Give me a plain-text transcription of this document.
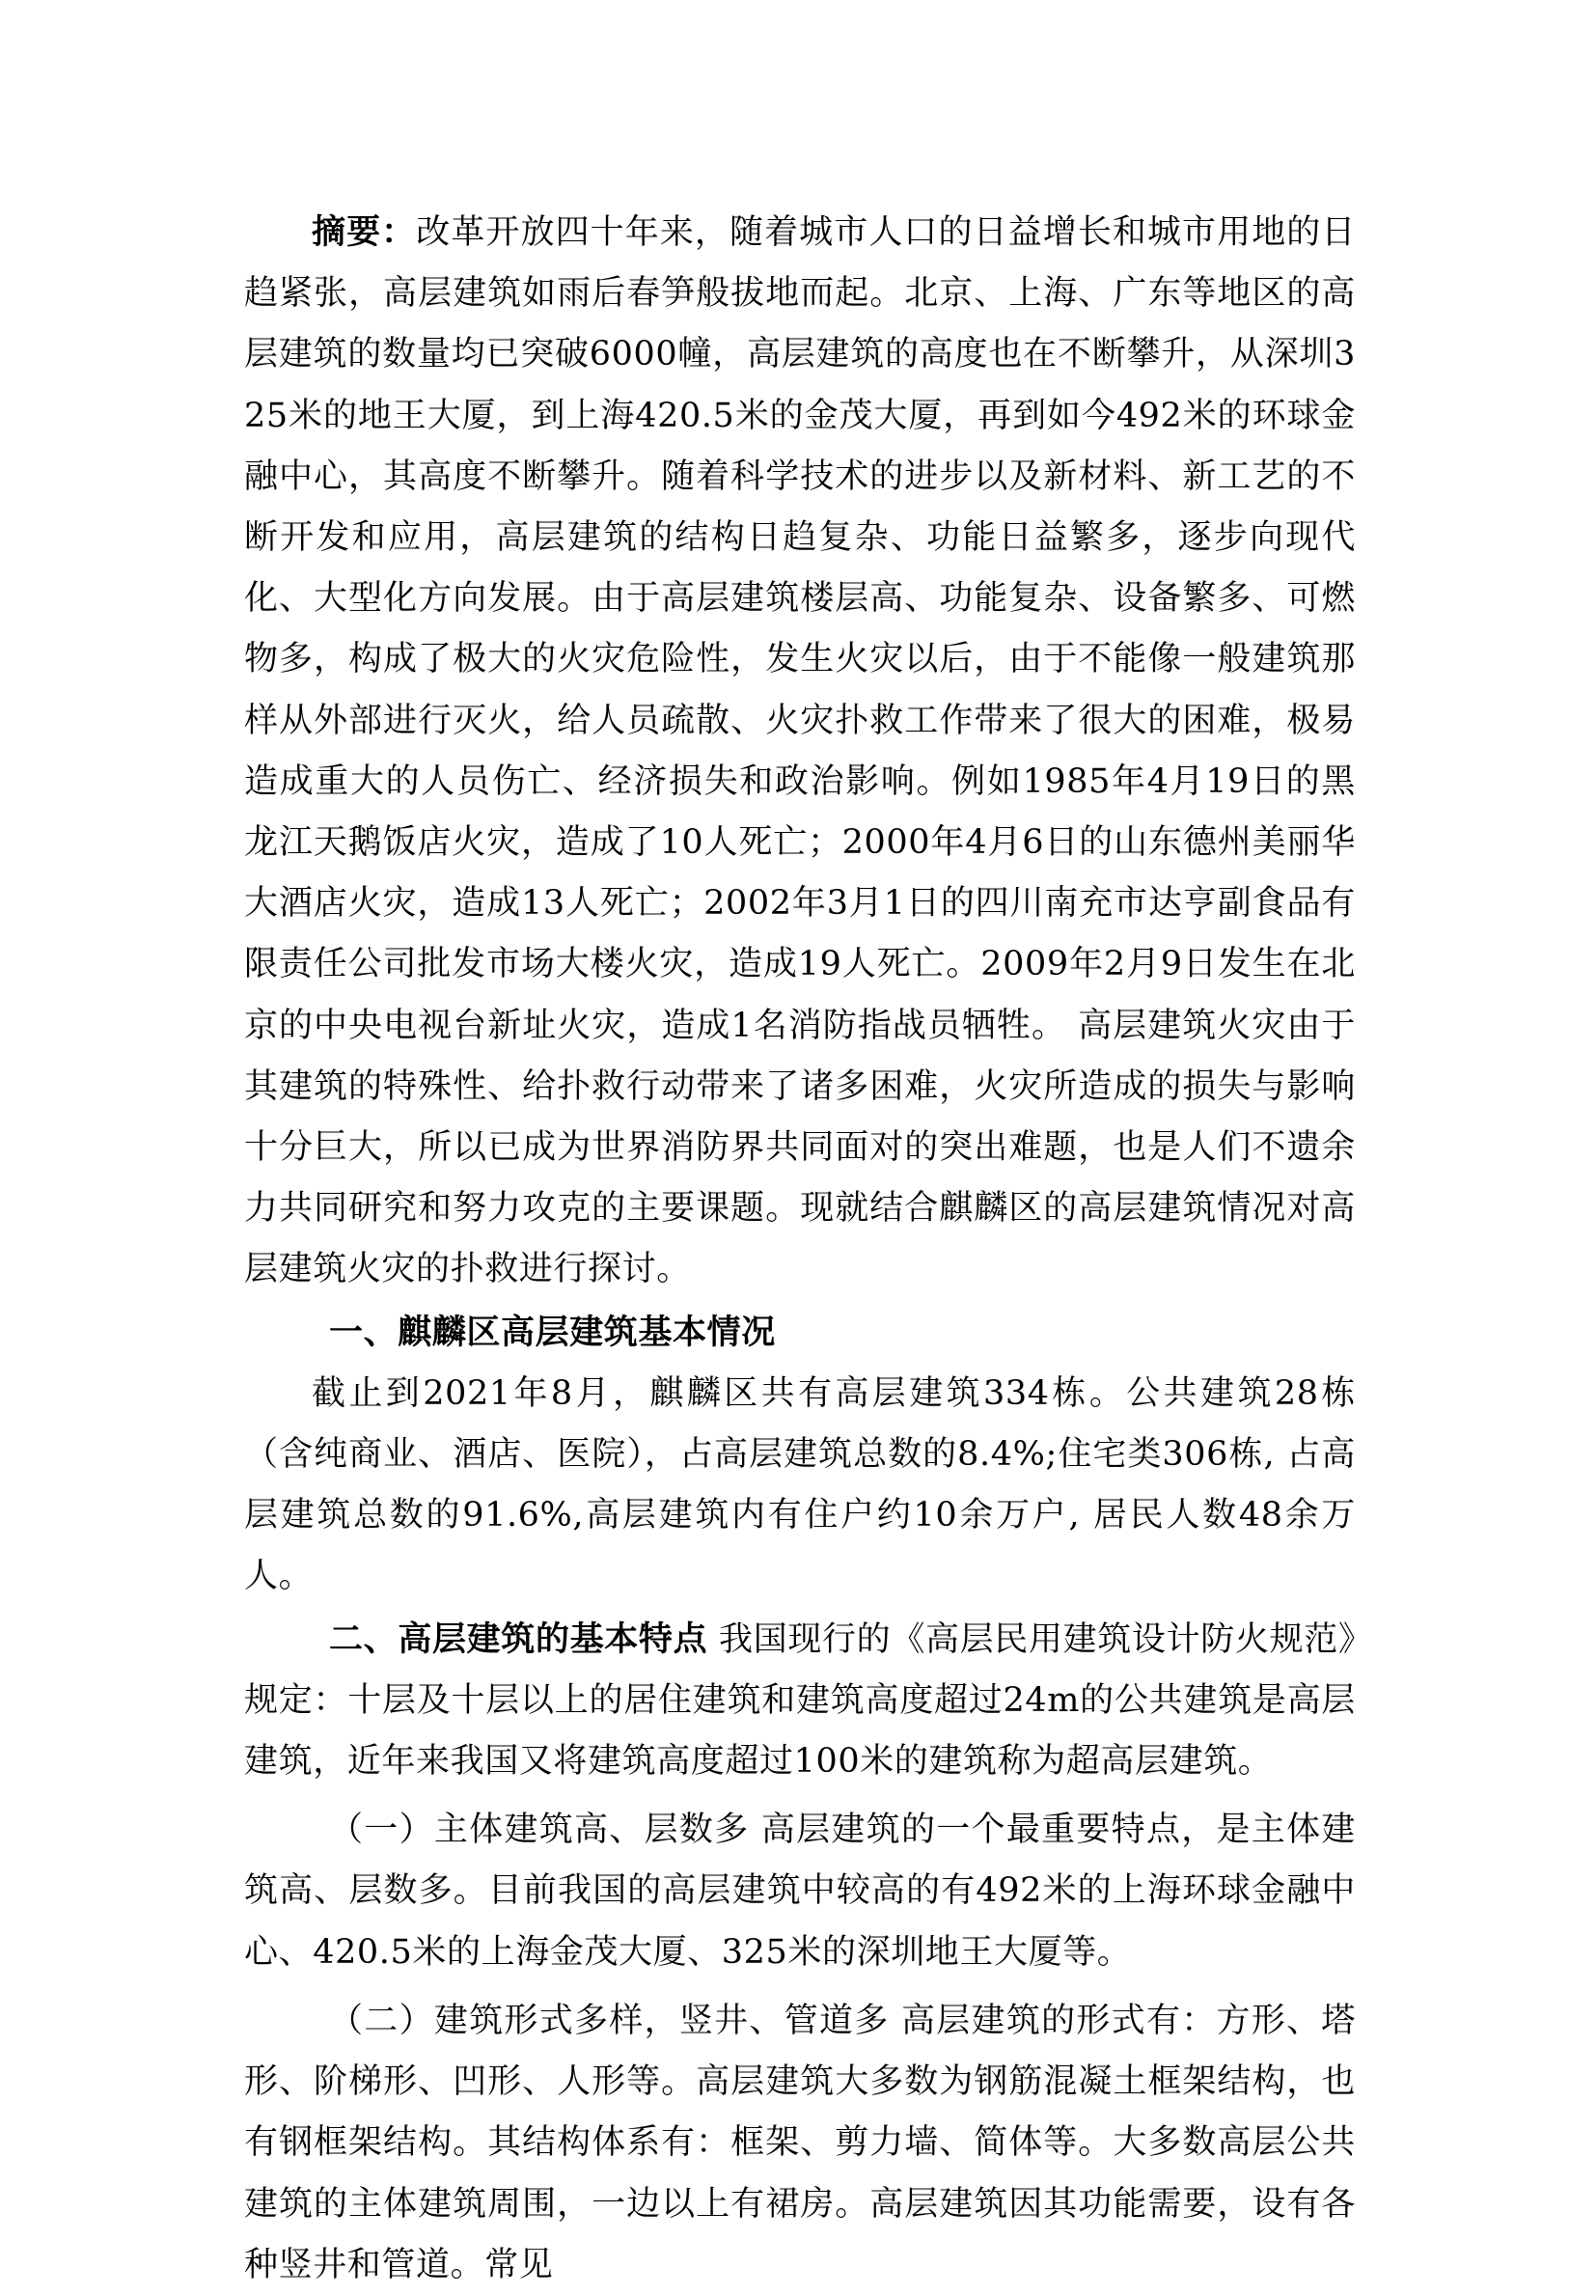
摘要：改革开放四十年来，随着城市人口的日益增长和城市用地的日趋紧张，高层建筑如雨后春笋般拔地而起。北京、上海、广东等地区的高层建筑的数量均已突破6000幢，高层建筑的高度也在不断攀升，从深圳325米的地王大厦，到上海420.5米的金茂大厦，再到如今492米的环球金融中心，其高度不断攀升。随着科学技术的进步以及新材料、新工艺的不断开发和应用，高层建筑的结构日趋复杂、功能日益繁多，逐步向现代化、大型化方向发展。由于高层建筑楼层高、功能复杂、设备繁多、可燃物多，构成了极大的火灾危险性，发生火灾以后，由于不能像一般建筑那样从外部进行灭火，给人员疏散、火灾扑救工作带来了很大的困难，极易造成重大的人员伤亡、经济损失和政治影响。例如1985年4月19日的黑龙江天鹅饭店火灾，造成了10人死亡；2000年4月6日的山东德州美丽华大酒店火灾，造成13人死亡；2002年3月1日的四川南充市达亨副食品有限责任公司批发市场大楼火灾，造成19人死亡。2009年2月9日发生在北京的中央电视台新址火灾，造成1名消防指战员牺牲。 高层建筑火灾由于其建筑的特殊性、给扑救行动带来了诸多困难，火灾所造成的损失与影响十分巨大，所以已成为世界消防界共同面对的突出难题，也是人们不遗余力共同研究和努力攻克的主要课题。现就结合麒麟区的高层建筑情况对高层建筑火灾的扑救进行探讨。

一、麒麟区高层建筑基本情况

截止到2021年8月，麒麟区共有高层建筑334栋。公共建筑28栋（含纯商业、酒店、医院），占高层建筑总数的8.4%;住宅类306栋, 占高层建筑总数的91.6%,高层建筑内有住户约10余万户, 居民人数48余万人。

二、高层建筑的基本特点 我国现行的《高层民用建筑设计防火规范》规定：十层及十层以上的居住建筑和建筑高度超过24m的公共建筑是高层建筑，近年来我国又将建筑高度超过100米的建筑称为超高层建筑。

（一）主体建筑高、层数多 高层建筑的一个最重要特点，是主体建筑高、层数多。目前我国的高层建筑中较高的有492米的上海环球金融中心、420.5米的上海金茂大厦、325米的深圳地王大厦等。

（二）建筑形式多样，竖井、管道多 高层建筑的形式有：方形、塔形、阶梯形、凹形、人形等。高层建筑大多数为钢筋混凝土框架结构，也有钢框架结构。其结构体系有：框架、剪力墙、简体等。大多数高层公共建筑的主体建筑周围，一边以上有裙房。高层建筑因其功能需要，设有各种竖井和管道。常见
